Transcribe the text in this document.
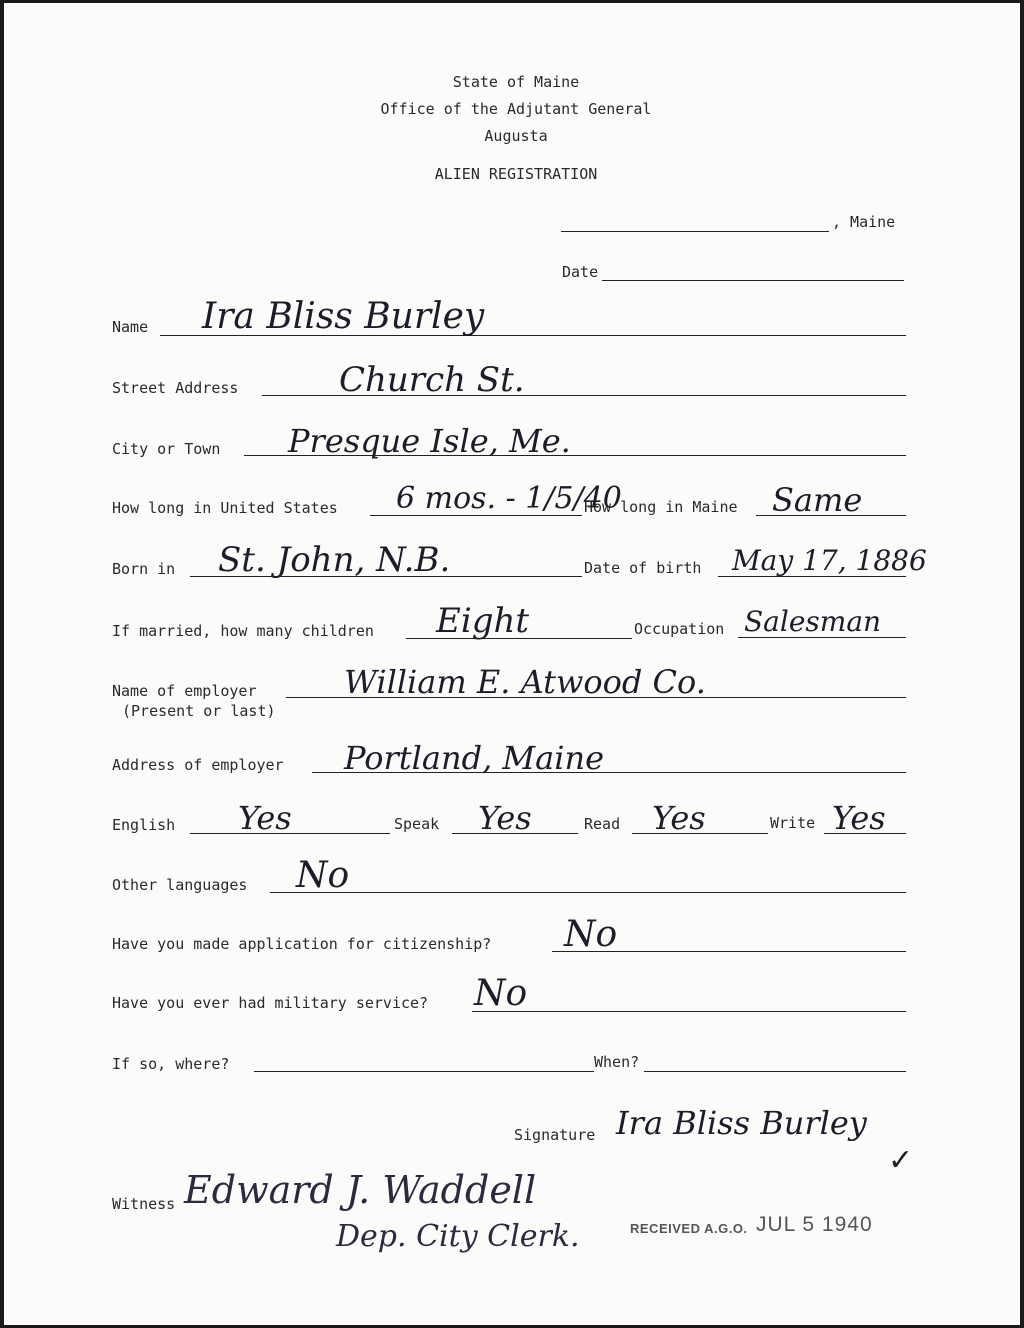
State of Maine
Office of the Adjutant General
Augusta
ALIEN REGISTRATION
, Maine
Date
Name Ira Bliss Burley
Street Address	Church St.
City or Town Presque Isle, Me.
How long in United States 6 mos. - 1/5/40
How long in Maine Same
Born in St. John, N.B.	Date of birth May 17, 1886
If married, how many children Eight	Occupation Salesman
Name of employer
(Present or last)
William E. Atwood Co.
Address of employer Portland, Maine
English Yes	Speak Yes	Read Yes	Write Yes
Other languages No
Have you made application for citizenship? No
Have you ever had military service? No
If so, where?	When?
Signature Ira Bliss Burley
✓
Witness Edward J. Waddell
Dep. City Clerk.	RECEIVED A.G.O. JUL 5 1940
